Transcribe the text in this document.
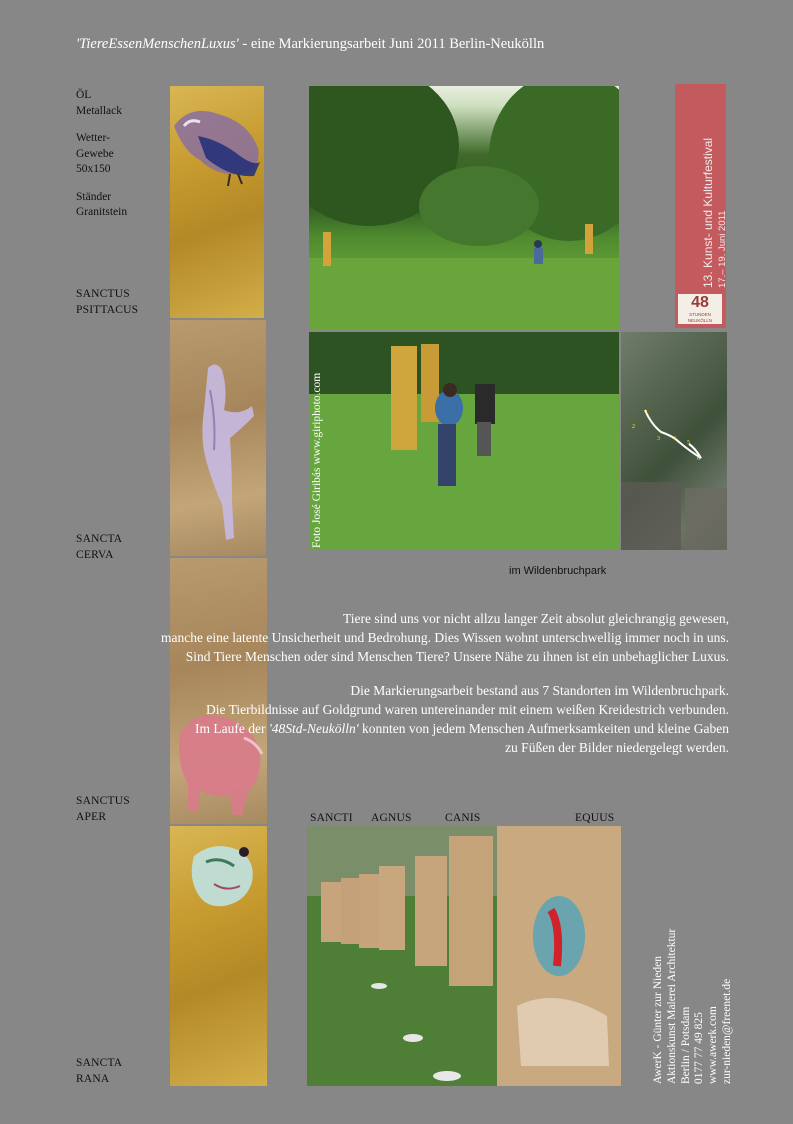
'TiereEssenMenschenLuxus' - eine Markierungsarbeit Juni 2011 Berlin-Neukölln
ÖL
Metallack
Wetter-
Gewebe
50x150
Ständer
Granitstein
SANCTUS
PSITTACUS
SANCTA
CERVA
SANCTUS
APER
SANCTA
RANA
Foto José Giribás www.giriphoto.com
13. Kunst- und Kulturfestival 17.– 19. Juni 2011
48
STUNDEN NEUKÖLLN
1
2
3 4
5
6
im Wildenbruchpark
Tiere sind uns vor nicht allzu langer Zeit absolut gleichrangig gewesen,
manche eine latente Unsicherheit und Bedrohung. Dies Wissen wohnt unterschwellig immer noch in uns.
Sind Tiere Menschen oder sind Menschen Tiere? Unsere Nähe zu ihnen ist ein unbehaglicher Luxus.
Die Markierungsarbeit bestand aus 7 Standorten im Wildenbruchpark.
Die Tierbildnisse auf Goldgrund waren untereinander mit einem weißen Kreidestrich verbunden.
Im Laufe der '48Std-Neukölln' konnten von jedem Menschen Aufmerksamkeiten und kleine Gaben
zu Füßen der Bilder niedergelegt werden.
SANCTI AGNUS	CANIS	EQUUS
AwerK - Günter zur Nieden Aktionskunst Malerei Architektur Berlin / Potsdam 0177 77 49 825 www.awerk.com zur-nieden@freenet.de
